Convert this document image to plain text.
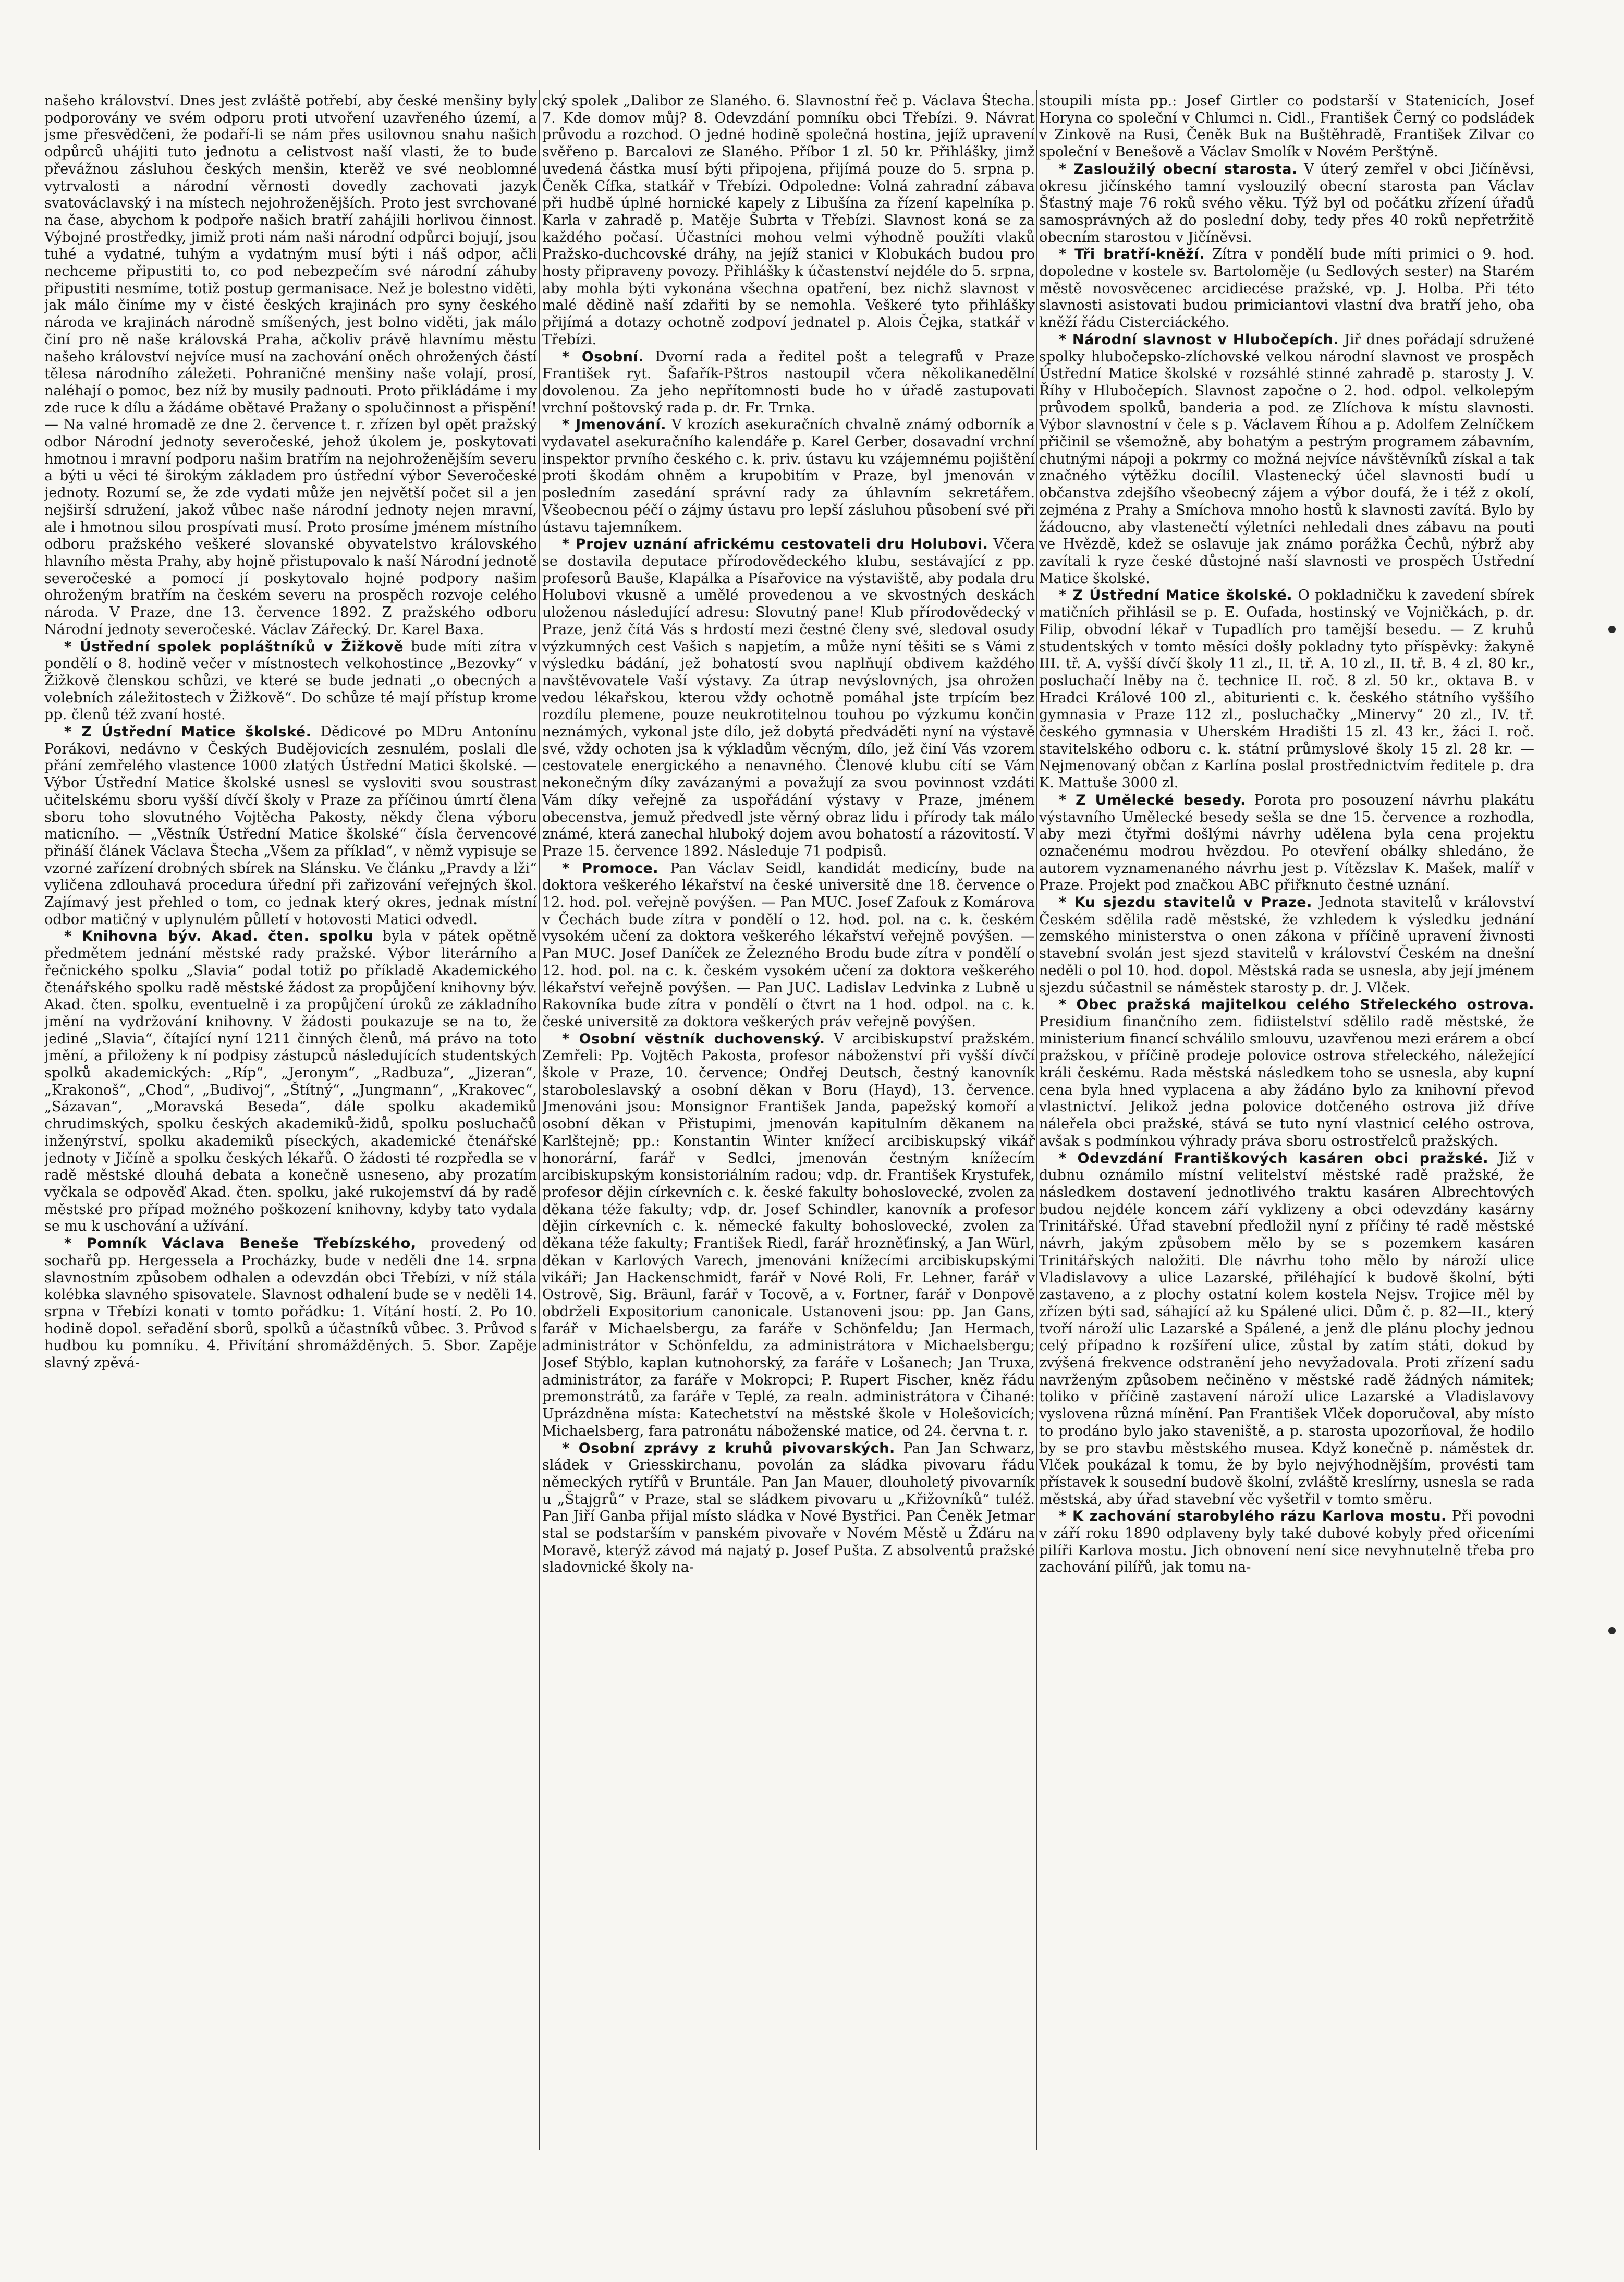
našeho království. Dnes jest zvláště potřebí, aby české menšiny byly podporovány ve svém odporu proti utvoření uzavřeného území, a jsme přesvědčeni, že podaří-li se nám přes usilovnou snahu našich odpůrců uhájiti tuto jednotu a celistvost naší vlasti, že to bude převážnou zásluhou českých menšin, kterěž ve své neoblomné vytrvalosti a národní věrnosti dovedly zachovati jazyk svatováclavský i na místech nejohroženějších. Proto jest svrchované na čase, abychom k podpoře našich bratří zahájili horlivou činnost. Výbojné prostředky, jimiž proti nám naši národní odpůrci bojují, jsou tuhé a vydatné, tuhým a vydatným musí býti i náš odpor, ačli nechceme připustiti to, co pod nebezpečím své národní záhuby připustiti nesmíme, totiž postup germanisace. Než je bolestno viděti, jak málo činíme my v čisté českých krajinách pro syny českého národa ve krajinách národně smíšených, jest bolno viděti, jak málo činí pro ně naše královská Praha, ačkoliv právě hlavnímu městu našeho království nejvíce musí na zachování oněch ohrožených částí tělesa národního záležeti. Pohraničné menšiny naše volají, prosí, naléhají o pomoc, bez níž by musily padnouti. Proto přikládáme i my zde ruce k dílu a žádáme obětavé Pražany o spolučinnost a přispění! — Na valné hromadě ze dne 2. července t. r. zřízen byl opět pražský odbor Národní jednoty severočeské, jehož úkolem je, poskytovati hmotnou i mravní podporu našim bratřím na nejohroženějším severu a býti u věci té širokým základem pro ústřední výbor Severočeské jednoty. Rozumí se, že zde vydati může jen největší počet sil a jen nejširší sdružení, jakož vůbec naše národní jednoty nejen mravní, ale i hmotnou silou prospívati musí. Proto prosíme jménem místního odboru pražského veškeré slovanské obyvatelstvo královského hlavního města Prahy, aby hojně přistupovalo k naší Národní jednotě severočeské a pomocí jí poskytovalo hojné podpory našim ohroženým bratřím na českém severu na prospěch rozvoje celého národa. V Praze, dne 13. července 1892. Z pražského odboru Národní jednoty severočeské. Václav Zářecký. Dr. Karel Baxa.

* Ústřední spolek popláštníků v Žižkově bude míti zítra v pondělí o 8. hodině večer v místnostech velkohostince „Bezovky“ v Žižkově členskou schůzi, ve které se bude jednati „o obecných a volebních záležitostech v Žižkově“. Do schůze té mají přístup krome pp. členů též zvaní hosté.

* Z Ústřední Matice školské. Dědicové po MDru Antonínu Porákovi, nedávno v Českých Budějovicích zesnulém, poslali dle přání zemřelého vlastence 1000 zlatých Ústřední Matici školské. — Výbor Ústřední Matice školské usnesl se vysloviti svou soustrast učitelskému sboru vyšší dívčí školy v Praze za příčinou úmrtí člena sboru toho slovutného Vojtěcha Pakosty, někdy člena výboru maticního. — „Věstník Ústřední Matice školské“ čísla červencové přináší článek Václava Štecha „Všem za příklad“, v němž vypisuje se vzorné zařízení drobných sbírek na Slánsku. Ve článku „Pravdy a lži“ vyličena zdlouhavá procedura úřední při zařizování veřejných škol. Zajímavý jest přehled o tom, co jednak který okres, jednak místní odbor matičný v uplynulém půlletí v hotovosti Matici odvedl.

* Knihovna býv. Akad. čten. spolku byla v pátek opětně předmětem jednání městské rady pražské. Výbor literárního a řečnického spolku „Slavia“ podal totiž po příkladě Akademického čtenářského spolku radě městské žádost za propůjčení knihovny býv. Akad. čten. spolku, eventuelně i za propůjčení úroků ze základního jmění na vydržování knihovny. V žádosti poukazuje se na to, že jediné „Slavia“, čítající nyní 1211 činných členů, má právo na toto jmění, a přiloženy k ní podpisy zástupců následujících studentských spolků akademických: „Ríp“, „Jeronym“, „Radbuza“, „Jizeran“, „Krakonoš“, „Chod“, „Budivoj“, „Štítný“, „Jungmann“, „Krakovec“, „Sázavan“, „Moravská Beseda“, dále spolku akademiků chrudimských, spolku českých akademiků-židů, spolku posluchačů inženýrství, spolku akademiků píseckých, akademické čtenářské jednoty v Jičíně a spolku českých lékařů. O žádosti té rozpředla se v radě městské dlouhá debata a konečně usneseno, aby prozatím vyčkala se odpověď Akad. čten. spolku, jaké rukojemství dá by radě městské pro případ možného poškození knihovny, kdyby tato vydala se mu k uschování a užívání.

* Pomník Václava Beneše Třebízského, provedený od sochařů pp. Hergessela a Procházky, bude v neděli dne 14. srpna slavnostním způsobem odhalen a odevzdán obci Třebízi, v níž stála kolébka slavného spisovatele. Slavnost odhalení bude se v neděli 14. srpna v Třebízi konati v tomto pořádku: 1. Vítání hostí. 2. Po 10. hodině dopol. seřadění sborů, spolků a účastníků vůbec. 3. Průvod s hudbou ku pomníku. 4. Přivítání shromážděných. 5. Sbor. Zapěje slavný zpěvá-

cký spolek „Dalibor ze Slaného. 6. Slavnostní řeč p. Václava Štecha. 7. Kde domov můj? 8. Odevzdání pomníku obci Třebízi. 9. Návrat průvodu a rozchod. O jedné hodině společná hostina, jejíž upravení svěřeno p. Barcalovi ze Slaného. Příbor 1 zl. 50 kr. Přihlášky, jimž uvedená částka musí býti připojena, přijímá pouze do 5. srpna p. Čeněk Cífka, statkář v Třebízi. Odpoledne: Volná zahradní zábava při hudbě úplné hornické kapely z Libušína za řízení kapelníka p. Karla v zahradě p. Matěje Šubrta v Třebízi. Slavnost koná se za každého počasí. Účastníci mohou velmi výhodně použíti vlaků Pražsko-duchcovské dráhy, na jejíž stanici v Klobukách budou pro hosty připraveny povozy. Přihlášky k účastenství nejdéle do 5. srpna, aby mohla býti vykonána všechna opatření, bez nichž slavnost v malé dědině naší zdařiti by se nemohla. Veškeré tyto přihlášky přijímá a dotazy ochotně zodpoví jednatel p. Alois Čejka, statkář v Třebízi.

* Osobní. Dvorní rada a ředitel pošt a telegrafů v Praze František ryt. Šafařík-Pštros nastoupil včera několikanedělní dovolenou. Za jeho nepřítomnosti bude ho v úřadě zastupovati vrchní poštovský rada p. dr. Fr. Trnka.

* Jmenování. V krozích asekuračních chvalně známý odborník a vydavatel asekuračního kalendáře p. Karel Gerber, dosavadní vrchní inspektor prvního českého c. k. priv. ústavu ku vzájemnému pojištění proti škodám ohněm a krupobitím v Praze, byl jmenován v posledním zasedání správní rady za úhlavním sekretářem. Všeobecnou péčí o zájmy ústavu pro lepší zásluhou působení své při ústavu tajemníkem.

* Projev uznání africkému cestovateli dru Holubovi. Včera se dostavila deputace přírodovědeckého klubu, sestávající z pp. profesorů Bauše, Klapálka a Písařovice na výstaviště, aby podala dru Holubovi vkusně a umělé provedenou a ve skvostných deskách uloženou následující adresu: Slovutný pane! Klub přírodovědecký v Praze, jenž čítá Vás s hrdostí mezi čestné členy své, sledoval osudy výzkumných cest Vašich s napjetím, a může nyní těšiti se s Vámi z výsledku bádání, jež bohatostí svou naplňují obdivem každého navštěvovatele Vaší výstavy. Za útrap nevýslovných, jsa ohrožen vedou lékařskou, kterou vždy ochotně pomáhal jste trpícím bez rozdílu plemene, pouze neukrotitelnou touhou po výzkumu končin neznámých, vykonal jste dílo, jež dobytá předváděti nyní na výstavě své, vždy ochoten jsa k výkladům věcným, dílo, jež činí Vás vzorem cestovatele energického a nenavného. Členové klubu cítí se Vám nekonečným díky zavázanými a považují za svou povinnost vzdáti Vám díky veřejně za uspořádání výstavy v Praze, jménem obecenstva, jemuž předvedl jste věrný obraz lidu i přírody tak málo známé, která zanechal hluboký dojem avou bohatostí a rázovitostí. V Praze 15. července 1892. Následuje 71 podpisů.

* Promoce. Pan Václav Seidl, kandidát medicíny, bude na doktora veškerého lékařství na české universitě dne 18. července o 12. hod. pol. veřejně povýšen. — Pan MUC. Josef Zafouk z Komárova v Čechách bude zítra v pondělí o 12. hod. pol. na c. k. českém vysokém učení za doktora veškerého lékařství veřejně povýšen. — Pan MUC. Josef Daníček ze Železného Brodu bude zítra v pondělí o 12. hod. pol. na c. k. českém vysokém učení za doktora veškerého lékařství veřejně povýšen. — Pan JUC. Ladislav Ledvinka z Lubně u Rakovníka bude zítra v pondělí o čtvrt na 1 hod. odpol. na c. k. české universitě za doktora veškerých práv veřejně povýšen.

* Osobní věstník duchovenský. V arcibiskupství pražském. Zemřeli: Pp. Vojtěch Pakosta, profesor náboženství při vyšší dívčí škole v Praze, 10. července; Ondřej Deutsch, čestný kanovník staroboleslavský a osobní děkan v Boru (Hayd), 13. července. Jmenováni jsou: Monsignor František Janda, papežský komoří a osobní děkan v Přistupimi, jmenován kapitulním děkanem na Karlštejně; pp.: Konstantin Winter knížecí arcibiskupský vikář honorární, farář v Sedlci, jmenován čestným knížecím arcibiskupským konsistoriálním radou; vdp. dr. František Krystufek, profesor dějin církevních c. k. české fakulty bohoslovecké, zvolen za děkana téže fakulty; vdp. dr. Josef Schindler, kanovník a profesor dějin církevních c. k. německé fakulty bohoslovecké, zvolen za děkana téže fakulty; František Riedl, farář hrozněťinský, a Jan Würl, děkan v Karlových Varech, jmenováni knížecími arcibiskupskými vikáři; Jan Hackenschmidt, farář v Nové Roli, Fr. Lehner, farář v Ostrově, Sig. Bräunl, farář v Tocově, a v. Fortner, farář v Donpově obdrželi Expositorium canonicale. Ustanoveni jsou: pp. Jan Gans, farář v Michaelsbergu, za faráře v Schönfeldu; Jan Hermach, administrátor v Schönfeldu, za administrátora v Michaelsbergu; Josef Stýblo, kaplan kutnohorský, za faráře v Lošanech; Jan Truxa, administrátor, za faráře v Mokropci; P. Rupert Fischer, kněz řádu premonstrátů, za faráře v Teplé, za realn. administrátora v Čihané: Uprázdněna místa: Katechetství na městské škole v Holešovicích; Michaelsberg, fara patronátu náboženské matice, od 24. června t. r.

* Osobní zprávy z kruhů pivovarských. Pan Jan Schwarz, sládek v Griesskirchanu, povolán za sládka pivovaru řádu německých rytířů v Bruntále. Pan Jan Mauer, dlouholetý pivovarník u „Štajgrů“ v Praze, stal se sládkem pivovaru u „Křižovníků“ tuléž. Pan Jiří Ganba přijal místo sládka v Nové Bystřici. Pan Čeněk Jetmar stal se podstarším v panském pivovaře v Novém Městě u Žďáru na Moravě, kterýž závod má najatý p. Josef Pušta. Z absolventů pražské sladovnické školy na-

stoupili místa pp.: Josef Girtler co podstarší v Statenicích, Josef Horyna co společní v Chlumci n. Cidl., František Černý co podsládek v Zinkově na Rusi, Čeněk Buk na Buštěhradě, František Zilvar co společní v Benešově a Václav Smolík v Novém Perštýně.

* Zasloužilý obecní starosta. V úterý zemřel v obci Jičíněvsi, okresu jičínského tamní vyslouzilý obecní starosta pan Václav Šťastný maje 76 roků svého věku. Týž byl od počátku zřízení úřadů samosprávných až do poslední doby, tedy přes 40 roků nepřetržitě obecním starostou v Jičíněvsi.

* Tři bratří-kněží. Zítra v pondělí bude míti primici o 9. hod. dopoledne v kostele sv. Bartoloměje (u Sedlových sester) na Starém městě novosvěcenec arcidiecése pražské, vp. J. Holba. Při této slavnosti asistovati budou primiciantovi vlastní dva bratří jeho, oba kněží řádu Cisterciáckého.

* Národní slavnost v Hlubočepích. Jiř dnes pořádají sdružené spolky hlubočepsko-zlíchovské velkou národní slavnost ve prospěch Ústřední Matice školské v rozsáhlé stinné zahradě p. starosty J. V. Říhy v Hlubočepích. Slavnost započne o 2. hod. odpol. velkolepým průvodem spolků, banderia a pod. ze Zlíchova k místu slavnosti. Výbor slavnostní v čele s p. Václavem Říhou a p. Adolfem Zelníčkem přičinil se všemožně, aby bohatým a pestrým programem zábavním, chutnými nápoji a pokrmy co možná nejvíce návštěvníků získal a tak značného výtěžku docílil. Vlastenecký účel slavnosti budí u občanstva zdejšího všeobecný zájem a výbor doufá, že i též z okolí, zejména z Prahy a Smíchova mnoho hostů k slavnosti zavítá. Bylo by žádoucno, aby vlastenečtí výletníci nehledali dnes zábavu na pouti ve Hvězdě, kdež se oslavuje jak známo porážka Čechů, nýbrž aby zavítali k ryze české důstojné naší slavnosti ve prospěch Ústřední Matice školské.

* Z Ústřední Matice školské. O pokladničku k zavedení sbírek matičních přihlásil se p. E. Oufada, hostinský ve Vojničkách, p. dr. Filip, obvodní lékař v Tupadlích pro tamější besedu. — Z kruhů studentských v tomto měsíci došly pokladny tyto příspěvky: žakyně III. tř. A. vyšší dívčí školy 11 zl., II. tř. A. 10 zl., II. tř. B. 4 zl. 80 kr., posluchačí lněby na č. technice II. roč. 8 zl. 50 kr., oktava B. v Hradci Králové 100 zl., abiturienti c. k. českého státního vyššího gymnasia v Praze 112 zl., posluchačky „Minervy“ 20 zl., IV. tř. českého gymnasia v Uherském Hradišti 15 zl. 43 kr., žáci I. roč. stavitelského odboru c. k. státní průmyslové školy 15 zl. 28 kr. — Nejmenovaný občan z Karlína poslal prostřednictvím ředitele p. dra K. Mattuše 3000 zl.

* Z Umělecké besedy. Porota pro posouzení návrhu plakátu výstavního Umělecké besedy sešla se dne 15. července a rozhodla, aby mezi čtyřmi došlými návrhy udělena byla cena projektu označenému modrou hvězdou. Po otevření obálky shledáno, že autorem vyznamenaného návrhu jest p. Vítězslav K. Mašek, malíř v Praze. Projekt pod značkou ABC přiřknuto čestné uznání.

* Ku sjezdu stavitelů v Praze. Jednota stavitelů v království Českém sdělila radě městské, že vzhledem k výsledku jednání zemského ministerstva o onen zákona v příčině upravení živnosti stavební svolán jest sjezd stavitelů v království Českém na dnešní neděli o pol 10. hod. dopol. Městská rada se usnesla, aby její jménem sjezdu súčastnil se náměstek starosty p. dr. J. Vlček.

* Obec pražská majitelkou celého Střeleckého ostrova. Presidium finančního zem. fidiistelství sdělilo radě městské, že ministerium financí schválilo smlouvu, uzavřenou mezi erárem a obcí pražskou, v příčině prodeje polovice ostrova střeleckého, náležející králi českému. Rada městská následkem toho se usnesla, aby kupní cena byla hned vyplacena a aby žádáno bylo za knihovní převod vlastnictví. Jelikož jedna polovice dotčeného ostrova již dříve náleřela obci pražské, stává se tuto nyní vlastnicí celého ostrova, avšak s podmínkou výhrady práva sboru ostrostřelců pražských.

* Odevzdání Františkových kasáren obci pražské. Již v dubnu oznámilo místní velitelství městské radě pražské, že následkem dostavení jednotlivého traktu kasáren Albrechtových budou nejdéle koncem září vyklizeny a obci odevzdány kasárny Trinitářské. Úřad stavební předložil nyní z příčiny té radě městské návrh, jakým způsobem mělo by se s pozemkem kasáren Trinitářských naložiti. Dle návrhu toho mělo by nároží ulice Vladislavovy a ulice Lazarské, přiléhající k budově školní, býti zastaveno, a z plochy ostatní kolem kostela Nejsv. Trojice měl by zřízen býti sad, sáhající až ku Spálené ulici. Dům č. p. 82—II., který tvoří nároží ulic Lazarské a Spálené, a jenž dle plánu plochy jednou celý případno k rozšíření ulice, zůstal by zatím státi, dokud by zvýšená frekvence odstranění jeho nevyžadovala. Proti zřízení sadu navrženým způsobem nečiněno v městské radě žádných námitek; toliko v příčině zastavení nároží ulice Lazarské a Vladislavovy vyslovena různá mínění. Pan František Vlček doporučoval, aby místo to prodáno bylo jako staveniště, a p. starosta upozorňoval, že hodilo by se pro stavbu městského musea. Když konečně p. náměstek dr. Vlček poukázal k tomu, že by bylo nejvýhodnějším, provésti tam přístavek k sousední budově školní, zvláště kreslírny, usnesla se rada městská, aby úřad stavební věc vyšetřil v tomto směru.

* K zachování starobylého rázu Karlova mostu. Při povodni v září roku 1890 odplaveny byly také dubové kobyly před ořiceními pilíři Karlova mostu. Jich obnovení není sice nevyhnutelně třeba pro zachování pilířů, jak tomu na-
